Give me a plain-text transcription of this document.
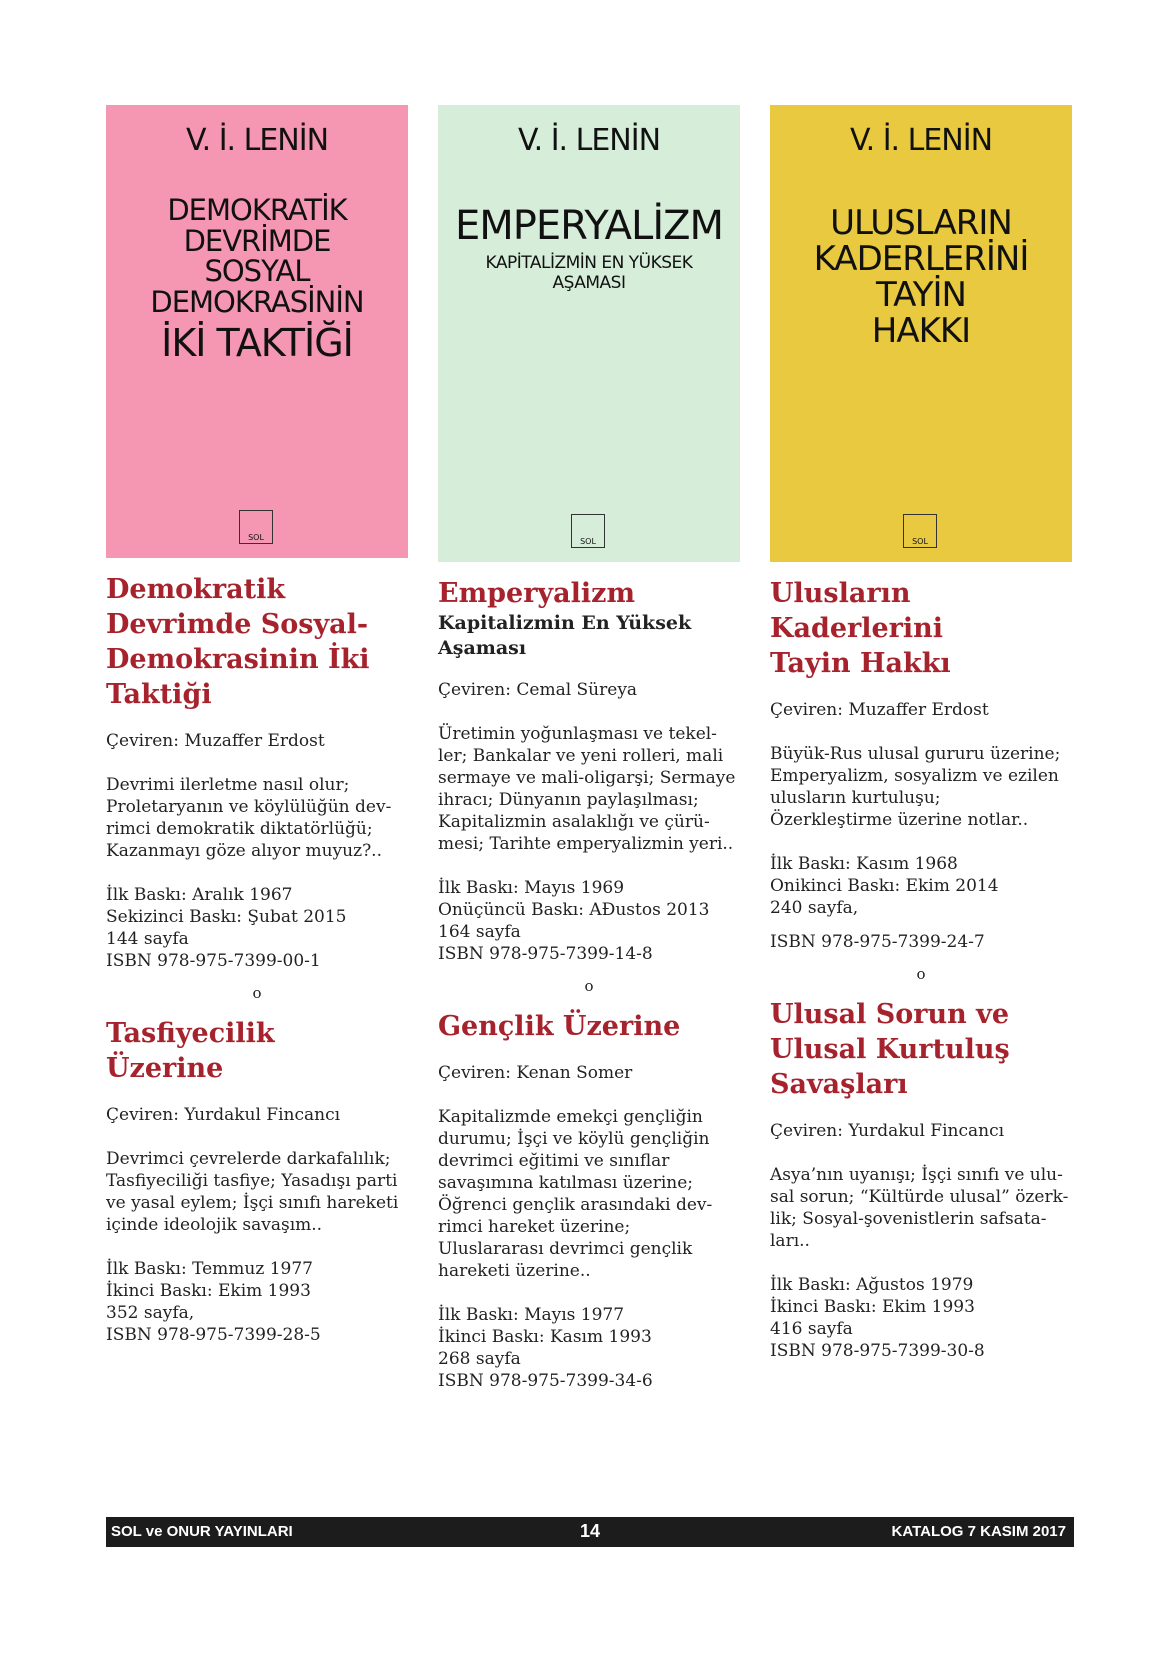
V. İ. LENİN
DEMOKRATİK
DEVRİMDE
SOSYAL
DEMOKRASİNİN
İKİ TAKTİĞİ
SOL
Demokratik
Devrimde Sosyal-
Demokrasinin İki
Taktiği
Çeviren: Muzaffer Erdost
Devrimi ilerletme nasıl olur;
Proletaryanın ve köylülüğün dev-
rimci demokratik diktatörlüğü;
Kazanmayı göze alıyor muyuz?..
İlk Baskı: Aralık 1967
Sekizinci Baskı: Şubat 2015
144 sayfa
ISBN 978-975-7399-00-1
o
Tasfiyecilik
Üzerine
Çeviren: Yurdakul Fincancı
Devrimci çevrelerde darkafalılık;
Tasfiyeciliği tasfiye; Yasadışı parti
ve yasal eylem; İşçi sınıfı hareketi
içinde ideolojik savaşım..
İlk Baskı: Temmuz 1977
İkinci Baskı: Ekim 1993
352 sayfa,
ISBN 978-975-7399-28-5
V. İ. LENİN
EMPERYALİZM
KAPİTALİZMİN EN YÜKSEK
AŞAMASI
SOL
Emperyalizm
Kapitalizmin En Yüksek
Aşaması
Çeviren: Cemal Süreya
Üretimin yoğunlaşması ve tekel-
ler; Bankalar ve yeni rolleri, mali
sermaye ve mali-oligarşi; Sermaye
ihracı; Dünyanın paylaşılması;
Kapitalizmin asalaklığı ve çürü-
mesi; Tarihte emperyalizmin yeri..
İlk Baskı: Mayıs 1969
Onüçüncü Baskı: AĐustos 2013
164 sayfa
ISBN 978-975-7399-14-8
o
Gençlik Üzerine
Çeviren: Kenan Somer
Kapitalizmde emekçi gençliğin
durumu; İşçi ve köylü gençliğin
devrimci eğitimi ve sınıflar
savaşımına katılması üzerine;
Öğrenci gençlik arasındaki dev-
rimci hareket üzerine;
Uluslararası devrimci gençlik
hareketi üzerine..
İlk Baskı: Mayıs 1977
İkinci Baskı: Kasım 1993
268 sayfa
ISBN 978-975-7399-34-6
V. İ. LENİN
ULUSLARIN
KADERLERİNİ
TAYİN
HAKKI
SOL
Ulusların
Kaderlerini
Tayin Hakkı
Çeviren: Muzaffer Erdost
Büyük-Rus ulusal gururu üzerine;
Emperyalizm, sosyalizm ve ezilen
ulusların kurtuluşu;
Özerkleştirme üzerine notlar..
İlk Baskı: Kasım 1968
Onikinci Baskı: Ekim 2014
240 sayfa,
ISBN 978-975-7399-24-7
o
Ulusal Sorun ve
Ulusal Kurtuluş
Savaşları
Çeviren: Yurdakul Fincancı
Asya’nın uyanışı; İşçi sınıfı ve ulu-
sal sorun; “Kültürde ulusal” özerk-
lik; Sosyal-şovenistlerin safsata-
ları..
İlk Baskı: Ağustos 1979
İkinci Baskı: Ekim 1993
416 sayfa
ISBN 978-975-7399-30-8
SOL ve ONUR YAYINLARI	14	KATALOG 7 KASIM 2017
